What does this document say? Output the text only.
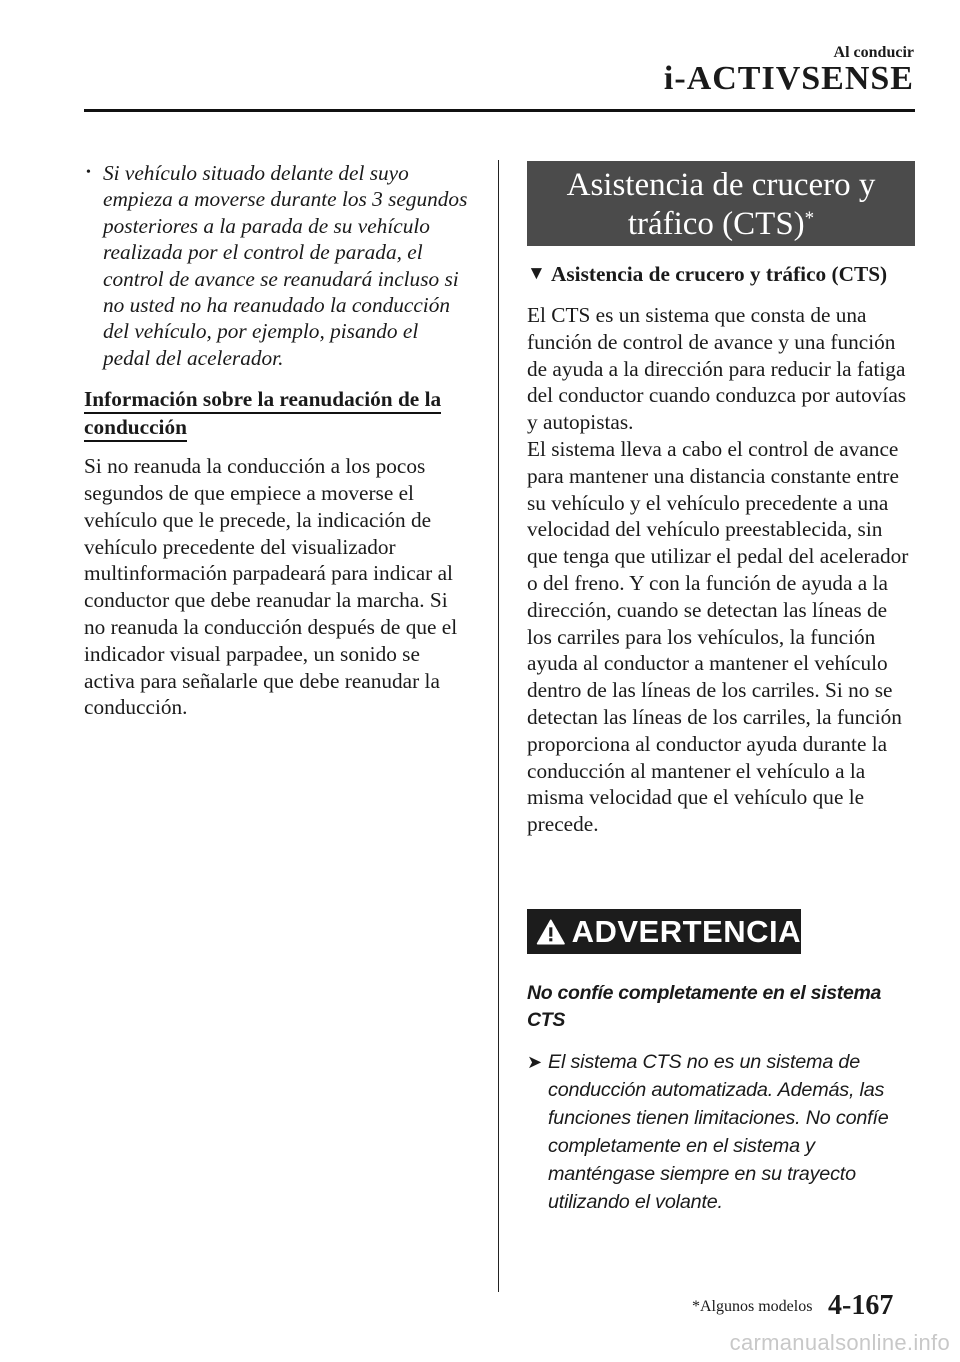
Al conducir
i-ACTIVSENSE
• Si vehículo situado delante del suyo empieza a moverse durante los 3 segundos posteriores a la parada de su vehículo realizada por el control de parada, el control de avance se reanudará incluso si no usted no ha reanudado la conducción del vehículo, por ejemplo, pisando el pedal del acelerador.
Información sobre la reanudación de la conducción
Si no reanuda la conducción a los pocos segundos de que empiece a moverse el vehículo que le precede, la indicación de vehículo precedente del visualizador multinformación parpadeará para indicar al conductor que debe reanudar la marcha. Si no reanuda la conducción después de que el indicador visual parpadee, un sonido se activa para señalarle que debe reanudar la conducción.
Asistencia de crucero y
tráfico (CTS)*
▼ Asistencia de crucero y tráfico (CTS)
El CTS es un sistema que consta de una función de control de avance y una función de ayuda a la dirección para reducir la fatiga del conductor cuando conduzca por autovías y autopistas.
El sistema lleva a cabo el control de avance para mantener una distancia constante entre su vehículo y el vehículo precedente a una velocidad del vehículo preestablecida, sin que tenga que utilizar el pedal del acelerador o del freno. Y con la función de ayuda a la dirección, cuando se detectan las líneas de los carriles para los vehículos, la función ayuda al conductor a mantener el vehículo dentro de las líneas de los carriles. Si no se detectan las líneas de los carriles, la función proporciona al conductor ayuda durante la conducción al mantener el vehículo a la misma velocidad que el vehículo que le precede.
ADVERTENCIA
No confíe completamente en el sistema CTS
➤ El sistema CTS no es un sistema de conducción automatizada. Además, las funciones tienen limitaciones. No confíe completamente en el sistema y manténgase siempre en su trayecto utilizando el volante.
*Algunos modelos 4-167
carmanualsonline.info
